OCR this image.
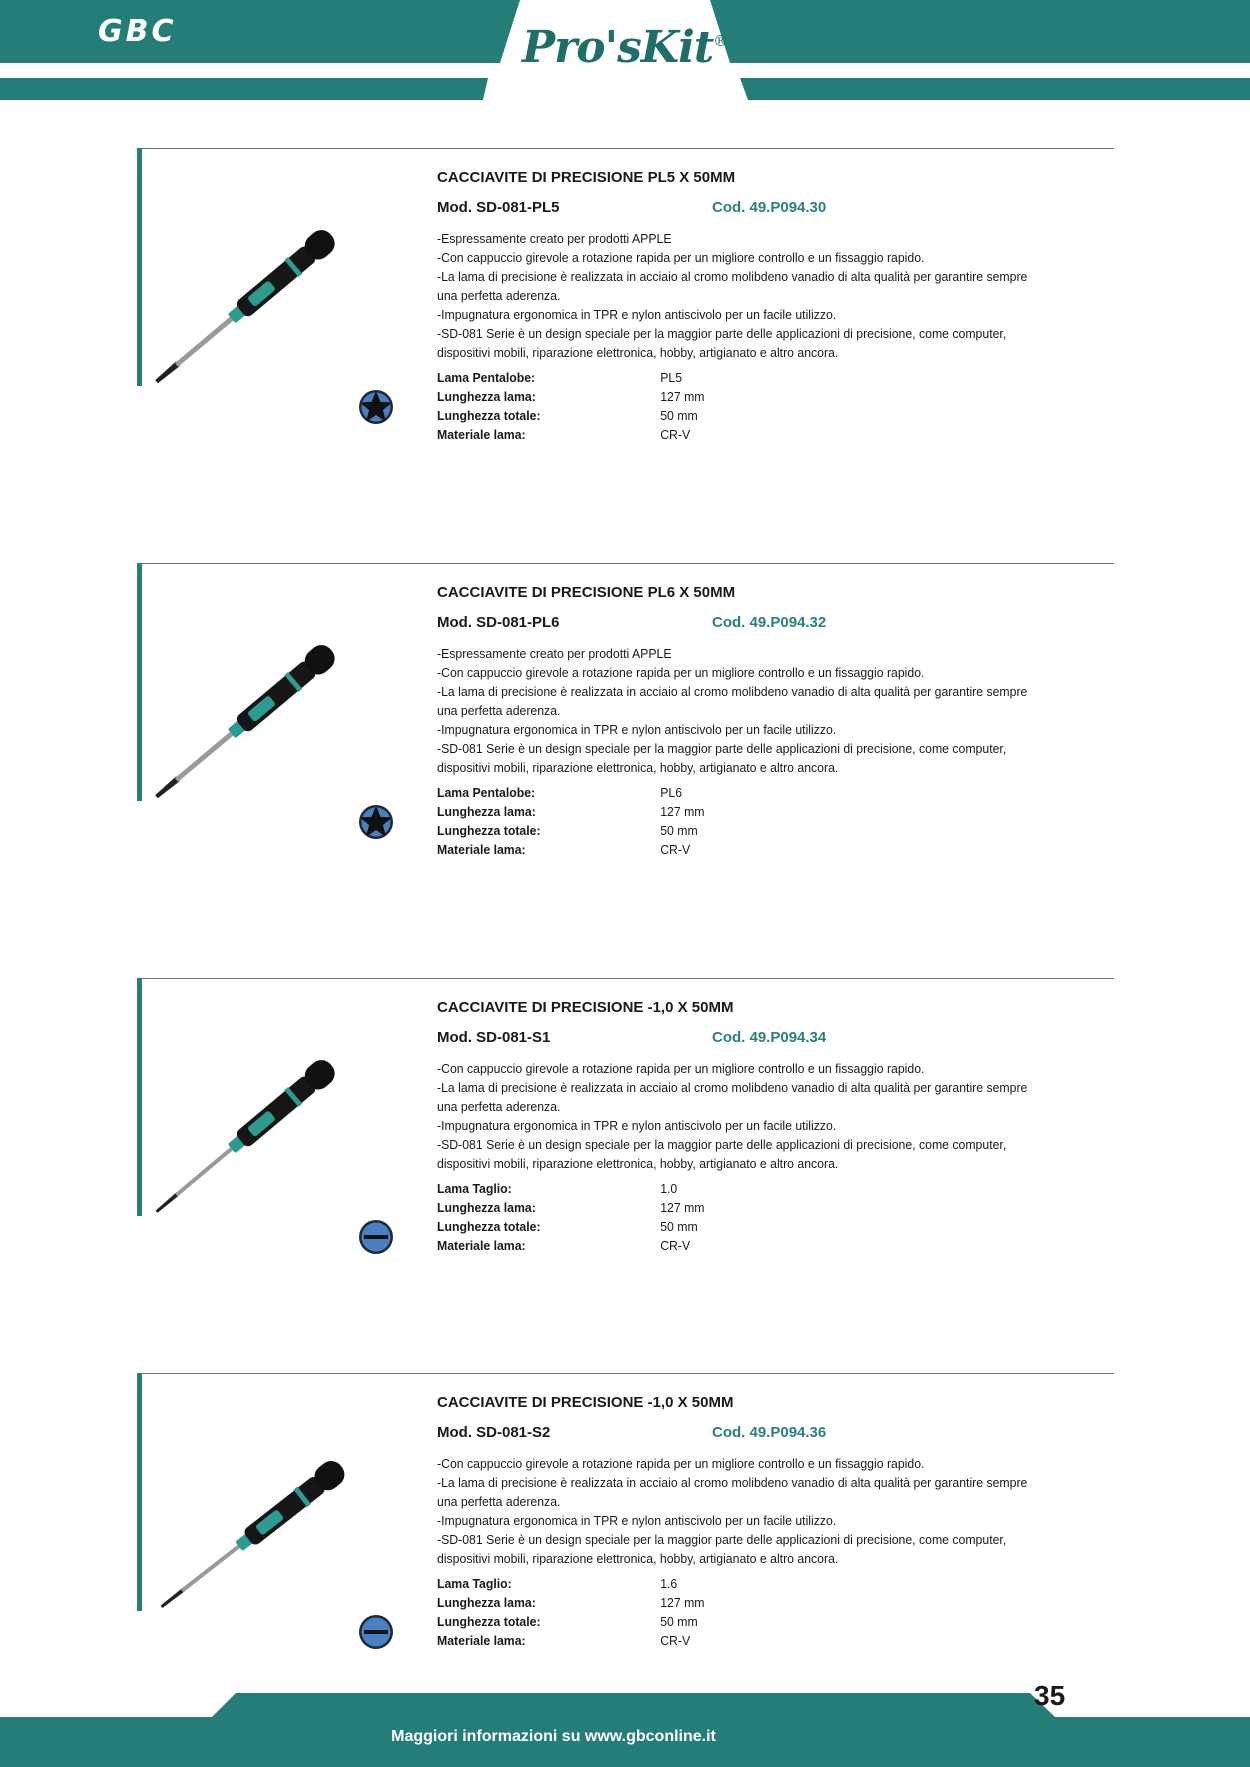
GBC	Pro'sKit®
CACCIAVITE DI PRECISIONE PL5 X 50MM
Mod. SD-081-PL5	Cod. 49.P094.30
-Espressamente creato per prodotti APPLE
-Con cappuccio girevole a rotazione rapida per un migliore controllo e un fissaggio rapido.
-La lama di precisione è realizzata in acciaio al cromo molibdeno vanadio di alta qualità per garantire sempre
una perfetta aderenza.
-Impugnatura ergonomica in TPR e nylon antiscivolo per un facile utilizzo.
-SD-081 Serie è un design speciale per la maggior parte delle applicazioni di precisione, come computer,
dispositivi mobili, riparazione elettronica, hobby, artigianato e altro ancora.
Lama Pentalobe:	PL5
Lunghezza lama:	127 mm
Lunghezza totale:	50 mm
Materiale lama:	CR-V
CACCIAVITE DI PRECISIONE PL6 X 50MM
Mod. SD-081-PL6	Cod. 49.P094.32
-Espressamente creato per prodotti APPLE
-Con cappuccio girevole a rotazione rapida per un migliore controllo e un fissaggio rapido.
-La lama di precisione è realizzata in acciaio al cromo molibdeno vanadio di alta qualità per garantire sempre
una perfetta aderenza.
-Impugnatura ergonomica in TPR e nylon antiscivolo per un facile utilizzo.
-SD-081 Serie è un design speciale per la maggior parte delle applicazioni di precisione, come computer,
dispositivi mobili, riparazione elettronica, hobby, artigianato e altro ancora.
Lama Pentalobe:	PL6
Lunghezza lama:	127 mm
Lunghezza totale:	50 mm
Materiale lama:	CR-V
CACCIAVITE DI PRECISIONE -1,0 X 50MM
Mod. SD-081-S1	Cod. 49.P094.34
-Con cappuccio girevole a rotazione rapida per un migliore controllo e un fissaggio rapido.
-La lama di precisione è realizzata in acciaio al cromo molibdeno vanadio di alta qualità per garantire sempre
una perfetta aderenza.
-Impugnatura ergonomica in TPR e nylon antiscivolo per un facile utilizzo.
-SD-081 Serie è un design speciale per la maggior parte delle applicazioni di precisione, come computer,
dispositivi mobili, riparazione elettronica, hobby, artigianato e altro ancora.
Lama Taglio:	1.0
Lunghezza lama:	127 mm
Lunghezza totale:	50 mm
Materiale lama:	CR-V
CACCIAVITE DI PRECISIONE -1,0 X 50MM
Mod. SD-081-S2	Cod. 49.P094.36
-Con cappuccio girevole a rotazione rapida per un migliore controllo e un fissaggio rapido.
-La lama di precisione è realizzata in acciaio al cromo molibdeno vanadio di alta qualità per garantire sempre
una perfetta aderenza.
-Impugnatura ergonomica in TPR e nylon antiscivolo per un facile utilizzo.
-SD-081 Serie è un design speciale per la maggior parte delle applicazioni di precisione, come computer,
dispositivi mobili, riparazione elettronica, hobby, artigianato e altro ancora.
Lama Taglio:	1.6
Lunghezza lama:	127 mm
Lunghezza totale:	50 mm
Materiale lama:	CR-V
Maggiori informazioni su www.gbconline.it
35
